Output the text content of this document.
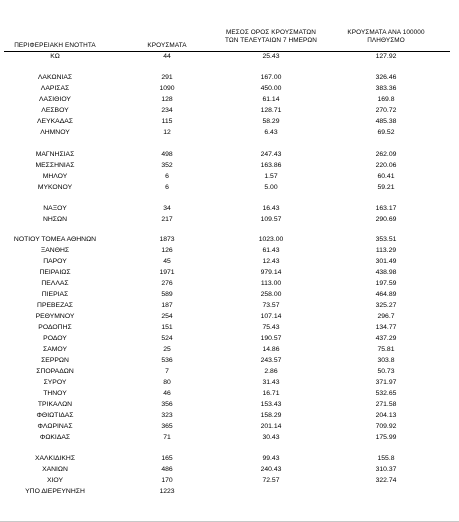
ΠΕΡΙΦΕΡΕΙΑΚΗ ΕΝΟΤΗΤΑ	ΚΡΟΥΣΜΑΤΑ
ΜΕΣΟΣ ΟΡΟΣ ΚΡΟΥΣΜΑΤΩΝ
ΤΩΝ ΤΕΛΕΥΤΑΙΩΝ 7 ΗΜΕΡΩΝ
ΚΡΟΥΣΜΑΤΑ ΑΝΑ 100000
ΠΛΗΘΥΣΜΟ
ΚΩ	44	25.43	127.92
ΛΑΚΩΝΙΑΣ	291	167.00	326.46
ΛΑΡΙΣΑΣ	1090	450.00	383.36
ΛΑΣΙΘΙΟΥ	128	61.14	169.8
ΛΕΣΒΟΥ	234	128.71	270.72
ΛΕΥΚΑΔΑΣ	115	58.29	485.38
ΛΗΜΝΟΥ	12	6.43	69.52
ΜΑΓΝΗΣΙΑΣ	498	247.43	262.09
ΜΕΣΣΗΝΙΑΣ	352	163.86	220.06
ΜΗΛΟΥ	6	1.57	60.41
ΜΥΚΟΝΟΥ	6	5.00	59.21
ΝΑΞΟΥ	34	16.43	163.17
ΝΗΣΩΝ	217	109.57	290.69
ΝΟΤΙΟΥ ΤΟΜΕΑ ΑΘΗΝΩΝ	1873	1023.00	353.51
ΞΑΝΘΗΣ	126	61.43	113.29
ΠΑΡΟΥ	45	12.43	301.49
ΠΕΙΡΑΙΩΣ	1971	979.14	438.98
ΠΕΛΛΑΣ	276	113.00	197.59
ΠΙΕΡΙΑΣ	589	258.00	464.89
ΠΡΕΒΕΖΑΣ	187	73.57	325.27
ΡΕΘΥΜΝΟΥ	254	107.14	296.7
ΡΟΔΟΠΗΣ	151	75.43	134.77
ΡΟΔΟΥ	524	190.57	437.29
ΣΑΜΟΥ	25	14.86	75.81
ΣΕΡΡΩΝ	536	243.57	303.8
ΣΠΟΡΑΔΩΝ	7	2.86	50.73
ΣΥΡΟΥ	80	31.43	371.97
ΤΗΝΟΥ	46	16.71	532.65
ΤΡΙΚΑΛΩΝ	356	153.43	271.58
ΦΘΙΩΤΙΔΑΣ	323	158.29	204.13
ΦΛΩΡΙΝΑΣ	365	201.14	709.92
ΦΩΚΙΔΑΣ	71	30.43	175.99
ΧΑΛΚΙΔΙΚΗΣ	165	99.43	155.8
ΧΑΝΙΩΝ	486	240.43	310.37
ΧΙΟΥ	170	72.57	322.74
ΥΠΟ ΔΙΕΡΕΥΝΗΣΗ	1223
